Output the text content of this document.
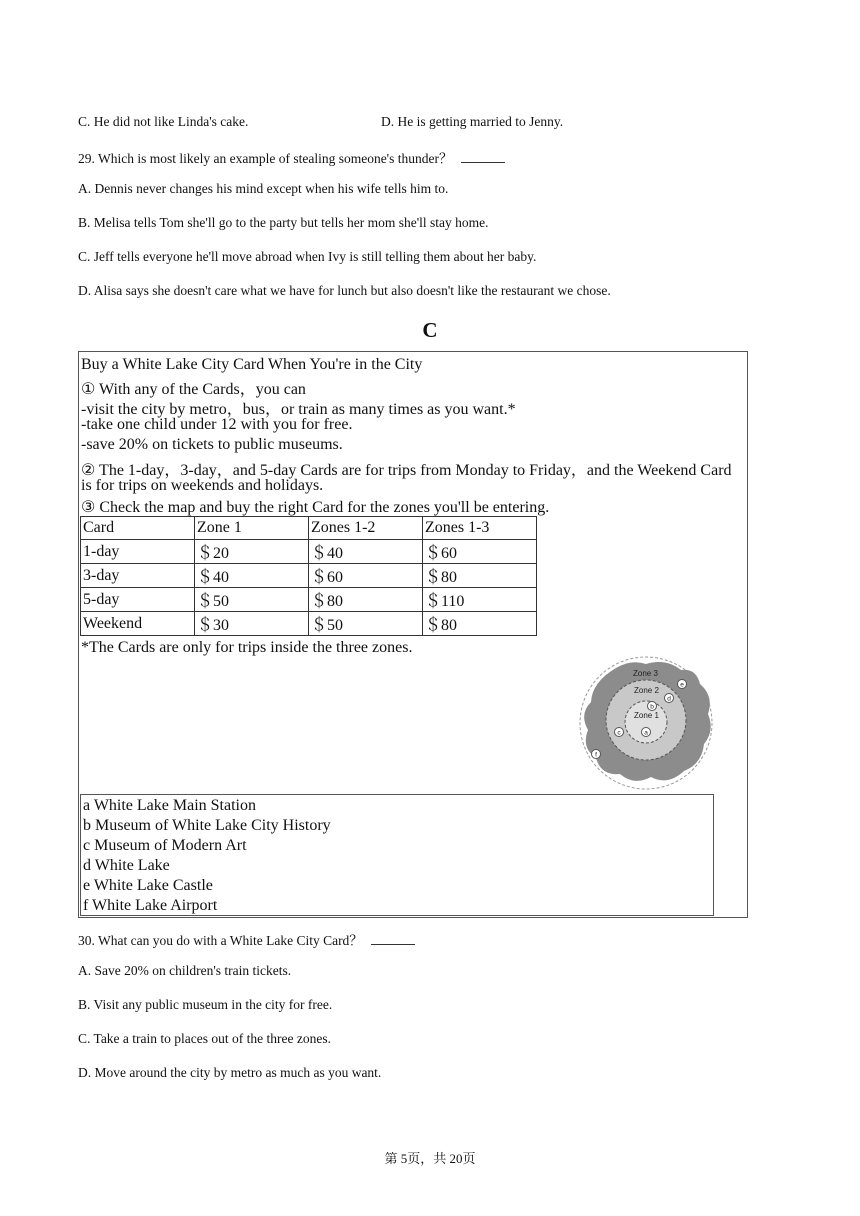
C. He did not like Linda's cake.	D. He is getting married to Jenny.
29. Which is most likely an example of stealing someone's thunder？
A. Dennis never changes his mind except when his wife tells him to.
B. Melisa tells Tom she'll go to the party but tells her mom she'll stay home.
C. Jeff tells everyone he'll move abroad when Ivy is still telling them about her baby.
D. Alisa says she doesn't care what we have for lunch but also doesn't like the restaurant we chose.
C
Buy a White Lake City Card When You're in the City
① With any of the Cards，you can
-visit the city by metro，bus，or train as many times as you want.*
-take one child under 12 with you for free.
-save 20% on tickets to public museums.
② The 1-day，3-day，and 5-day Cards are for trips from Monday to Friday，and the Weekend Card
is for trips on weekends and holidays.
③ Check the map and buy the right Card for the zones you'll be entering.
Card	Zone 1	Zones 1-2	Zones 1-3
1-day	＄20	＄40	＄60
3-day	＄40	＄60	＄80
5-day	＄50	＄80	＄110
Weekend	＄30	＄50	＄80
*The Cards are only for trips inside the three zones.
Zone 3
Zone 2
Zone 1
a
b
c
d
e
f
a White Lake Main Station
b Museum of White Lake City History
c Museum of Modern Art
d White Lake
e White Lake Castle
f White Lake Airport
30. What can you do with a White Lake City Card？
A. Save 20% on children's train tickets.
B. Visit any public museum in the city for free.
C. Take a train to places out of the three zones.
D. Move around the city by metro as much as you want.
第 5页，共 20页
